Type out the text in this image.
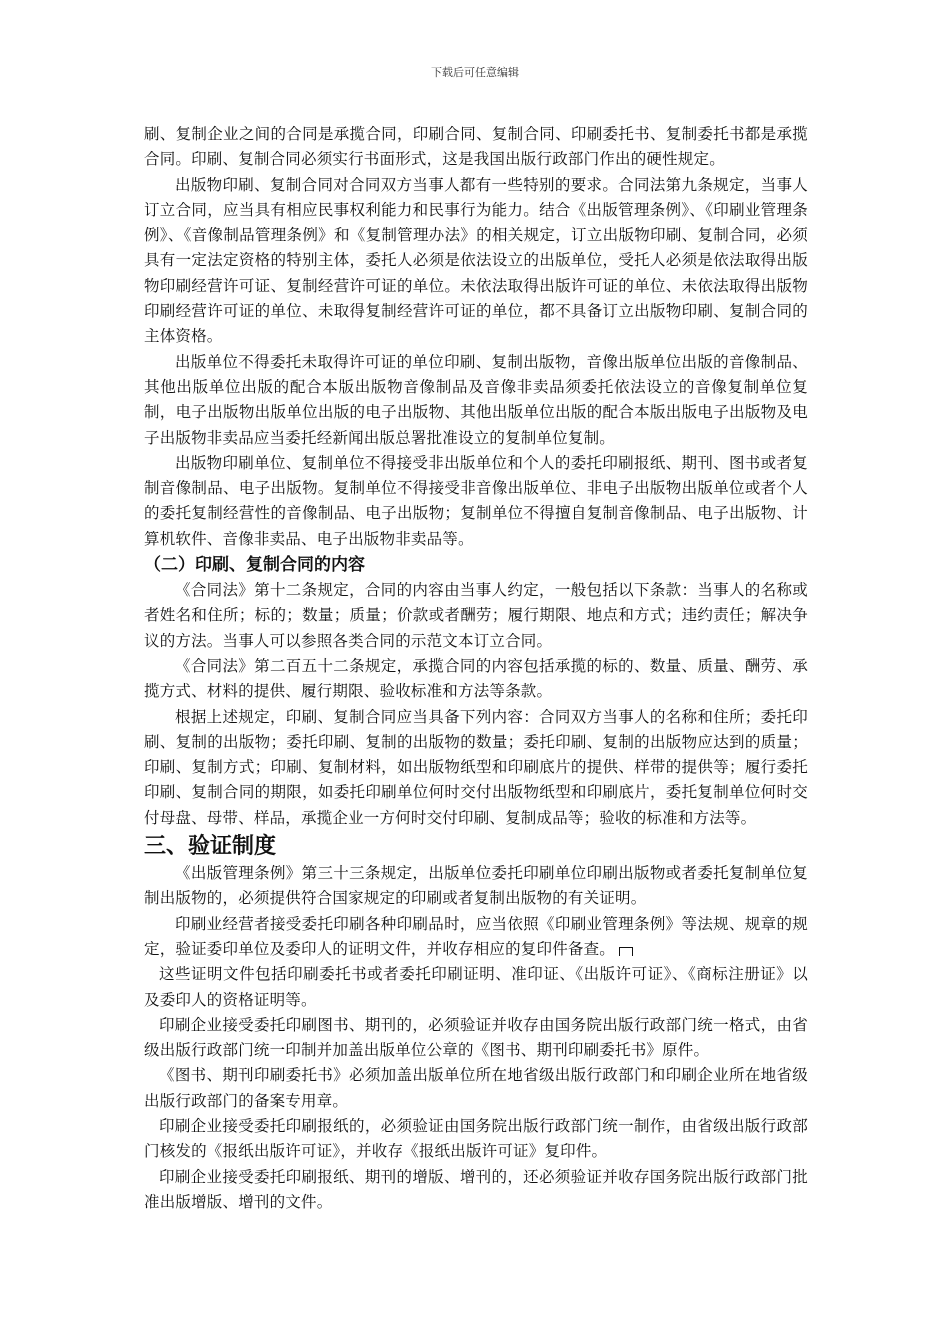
下载后可任意编辑

刷、复制企业之间的合同是承揽合同，印刷合同、复制合同、印刷委托书、复制委托书都是承揽合同。印刷、复制合同必须实行书面形式，这是我国出版行政部门作出的硬性规定。

出版物印刷、复制合同对合同双方当事人都有一些特别的要求。合同法第九条规定，当事人订立合同，应当具有相应民事权利能力和民事行为能力。结合《出版管理条例》、《印刷业管理条例》、《音像制品管理条例》和《复制管理办法》的相关规定，订立出版物印刷、复制合同，必须具有一定法定资格的特别主体，委托人必须是依法设立的出版单位，受托人必须是依法取得出版物印刷经营许可证、复制经营许可证的单位。未依法取得出版许可证的单位、未依法取得出版物印刷经营许可证的单位、未取得复制经营许可证的单位，都不具备订立出版物印刷、复制合同的主体资格。

出版单位不得委托未取得许可证的单位印刷、复制出版物，音像出版单位出版的音像制品、其他出版单位出版的配合本版出版物音像制品及音像非卖品须委托依法设立的音像复制单位复制，电子出版物出版单位出版的电子出版物、其他出版单位出版的配合本版出版电子出版物及电子出版物非卖品应当委托经新闻出版总署批准设立的复制单位复制。

出版物印刷单位、复制单位不得接受非出版单位和个人的委托印刷报纸、期刊、图书或者复制音像制品、电子出版物。复制单位不得接受非音像出版单位、非电子出版物出版单位或者个人的委托复制经营性的音像制品、电子出版物；复制单位不得擅自复制音像制品、电子出版物、计算机软件、音像非卖品、电子出版物非卖品等。

（二）印刷、复制合同的内容

《合同法》第十二条规定，合同的内容由当事人约定，一般包括以下条款：当事人的名称或者姓名和住所；标的；数量；质量；价款或者酬劳；履行期限、地点和方式；违约责任；解决争议的方法。当事人可以参照各类合同的示范文本订立合同。

《合同法》第二百五十二条规定，承揽合同的内容包括承揽的标的、数量、质量、酬劳、承揽方式、材料的提供、履行期限、验收标准和方法等条款。

根据上述规定，印刷、复制合同应当具备下列内容：合同双方当事人的名称和住所；委托印刷、复制的出版物；委托印刷、复制的出版物的数量；委托印刷、复制的出版物应达到的质量；印刷、复制方式；印刷、复制材料，如出版物纸型和印刷底片的提供、样带的提供等；履行委托印刷、复制合同的期限，如委托印刷单位何时交付出版物纸型和印刷底片，委托复制单位何时交付母盘、母带、样品，承揽企业一方何时交付印刷、复制成品等；验收的标准和方法等。

三、验证制度

《出版管理条例》第三十三条规定，出版单位委托印刷单位印刷出版物或者委托复制单位复制出版物的，必须提供符合国家规定的印刷或者复制出版物的有关证明。

印刷业经营者接受委托印刷各种印刷品时，应当依照《印刷业管理条例》等法规、规章的规定，验证委印单位及委印人的证明文件，并收存相应的复印件备查。

这些证明文件包括印刷委托书或者委托印刷证明、准印证、《出版许可证》、《商标注册证》以及委印人的资格证明等。

印刷企业接受委托印刷图书、期刊的，必须验证并收存由国务院出版行政部门统一格式，由省级出版行政部门统一印制并加盖出版单位公章的《图书、期刊印刷委托书》原件。

《图书、期刊印刷委托书》必须加盖出版单位所在地省级出版行政部门和印刷企业所在地省级出版行政部门的备案专用章。

印刷企业接受委托印刷报纸的，必须验证由国务院出版行政部门统一制作，由省级出版行政部门核发的《报纸出版许可证》，并收存《报纸出版许可证》复印件。

印刷企业接受委托印刷报纸、期刊的增版、增刊的，还必须验证并收存国务院出版行政部门批准出版增版、增刊的文件。
